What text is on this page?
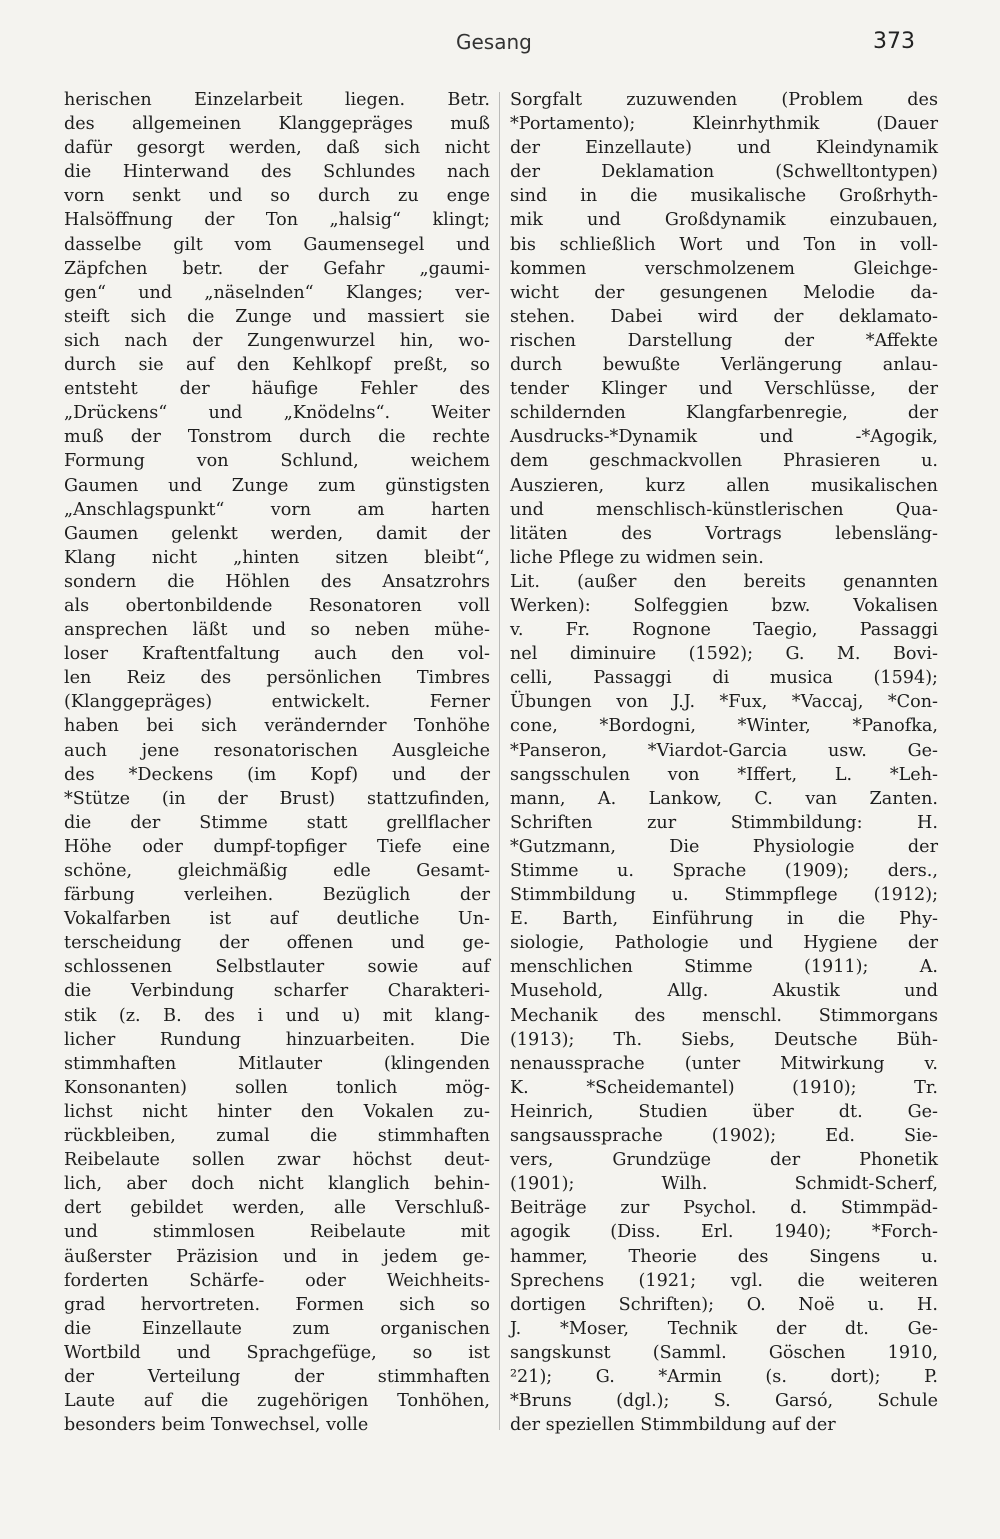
Gesang	373
herischen Einzelarbeit liegen. Betr.
des allgemeinen Klanggepräges muß
dafür gesorgt werden, daß sich nicht
die Hinterwand des Schlundes nach
vorn senkt und so durch zu enge
Halsöffnung der Ton „halsig“ klingt;
dasselbe gilt vom Gaumensegel und
Zäpfchen betr. der Gefahr „gaumi-
gen“ und „näselnden“ Klanges; ver-
steift sich die Zunge und massiert sie
sich nach der Zungenwurzel hin, wo-
durch sie auf den Kehlkopf preßt, so
entsteht der häufige Fehler des
„Drückens“ und „Knödelns“. Weiter
muß der Tonstrom durch die rechte
Formung von Schlund, weichem
Gaumen und Zunge zum günstigsten
„Anschlagspunkt“ vorn am harten
Gaumen gelenkt werden, damit der
Klang nicht „hinten sitzen bleibt“,
sondern die Höhlen des Ansatzrohrs
als obertonbildende Resonatoren voll
ansprechen läßt und so neben mühe-
loser Kraftentfaltung auch den vol-
len Reiz des persönlichen Timbres
(Klanggepräges) entwickelt. Ferner
haben bei sich verändernder Tonhöhe
auch jene resonatorischen Ausgleiche
des *Deckens (im Kopf) und der
*Stütze (in der Brust) stattzufinden,
die der Stimme statt grellflacher
Höhe oder dumpf-topfiger Tiefe eine
schöne, gleichmäßig edle Gesamt-
färbung verleihen. Bezüglich der
Vokalfarben ist auf deutliche Un-
terscheidung der offenen und ge-
schlossenen Selbstlauter sowie auf
die Verbindung scharfer Charakteri-
stik (z. B. des i und u) mit klang-
licher Rundung hinzuarbeiten. Die
stimmhaften Mitlauter (klingenden
Konsonanten) sollen tonlich mög-
lichst nicht hinter den Vokalen zu-
rückbleiben, zumal die stimmhaften
Reibelaute sollen zwar höchst deut-
lich, aber doch nicht klanglich behin-
dert gebildet werden, alle Verschluß-
und stimmlosen Reibelaute mit
äußerster Präzision und in jedem ge-
forderten Schärfe- oder Weichheits-
grad hervortreten. Formen sich so
die Einzellaute zum organischen
Wortbild und Sprachgefüge, so ist
der Verteilung der stimmhaften
Laute auf die zugehörigen Tonhöhen,
besonders beim Tonwechsel, volle
Sorgfalt zuzuwenden (Problem des
*Portamento); Kleinrhythmik (Dauer
der Einzellaute) und Kleindynamik
der Deklamation (Schwelltontypen)
sind in die musikalische Großrhyth-
mik und Großdynamik einzubauen,
bis schließlich Wort und Ton in voll-
kommen verschmolzenem Gleichge-
wicht der gesungenen Melodie da-
stehen. Dabei wird der deklamato-
rischen Darstellung der *Affekte
durch bewußte Verlängerung anlau-
tender Klinger und Verschlüsse, der
schildernden Klangfarbenregie, der
Ausdrucks-*Dynamik und -*Agogik,
dem geschmackvollen Phrasieren u.
Auszieren, kurz allen musikalischen
und menschlisch-künstlerischen Qua-
litäten des Vortrags lebensläng-
liche Pflege zu widmen sein.
Lit. (außer den bereits genannten
Werken): Solfeggien bzw. Vokalisen
v. Fr. Rognone Taegio, Passaggi
nel diminuire (1592); G. M. Bovi-
celli, Passaggi di musica (1594);
Übungen von J.J. *Fux, *Vaccaj, *Con-
cone, *Bordogni, *Winter, *Panofka,
*Panseron, *Viardot-Garcia usw. Ge-
sangsschulen von *Iffert, L. *Leh-
mann, A. Lankow, C. van Zanten.
Schriften zur Stimmbildung: H.
*Gutzmann, Die Physiologie der
Stimme u. Sprache (1909); ders.,
Stimmbildung u. Stimmpflege (1912);
E. Barth, Einführung in die Phy-
siologie, Pathologie und Hygiene der
menschlichen Stimme (1911); A.
Musehold, Allg. Akustik und
Mechanik des menschl. Stimmorgans
(1913); Th. Siebs, Deutsche Büh-
nenaussprache (unter Mitwirkung v.
K. *Scheidemantel) (1910); Tr.
Heinrich, Studien über dt. Ge-
sangsaussprache (1902); Ed. Sie-
vers, Grundzüge der Phonetik
(1901); Wilh. Schmidt-Scherf,
Beiträge zur Psychol. d. Stimmpäd-
agogik (Diss. Erl. 1940); *Forch-
hammer, Theorie des Singens u.
Sprechens (1921; vgl. die weiteren
dortigen Schriften); O. Noë u. H.
J. *Moser, Technik der dt. Ge-
sangskunst (Samml. Göschen 1910,
²21); G. *Armin (s. dort); P.
*Bruns (dgl.); S. Garsó, Schule
der speziellen Stimmbildung auf der
